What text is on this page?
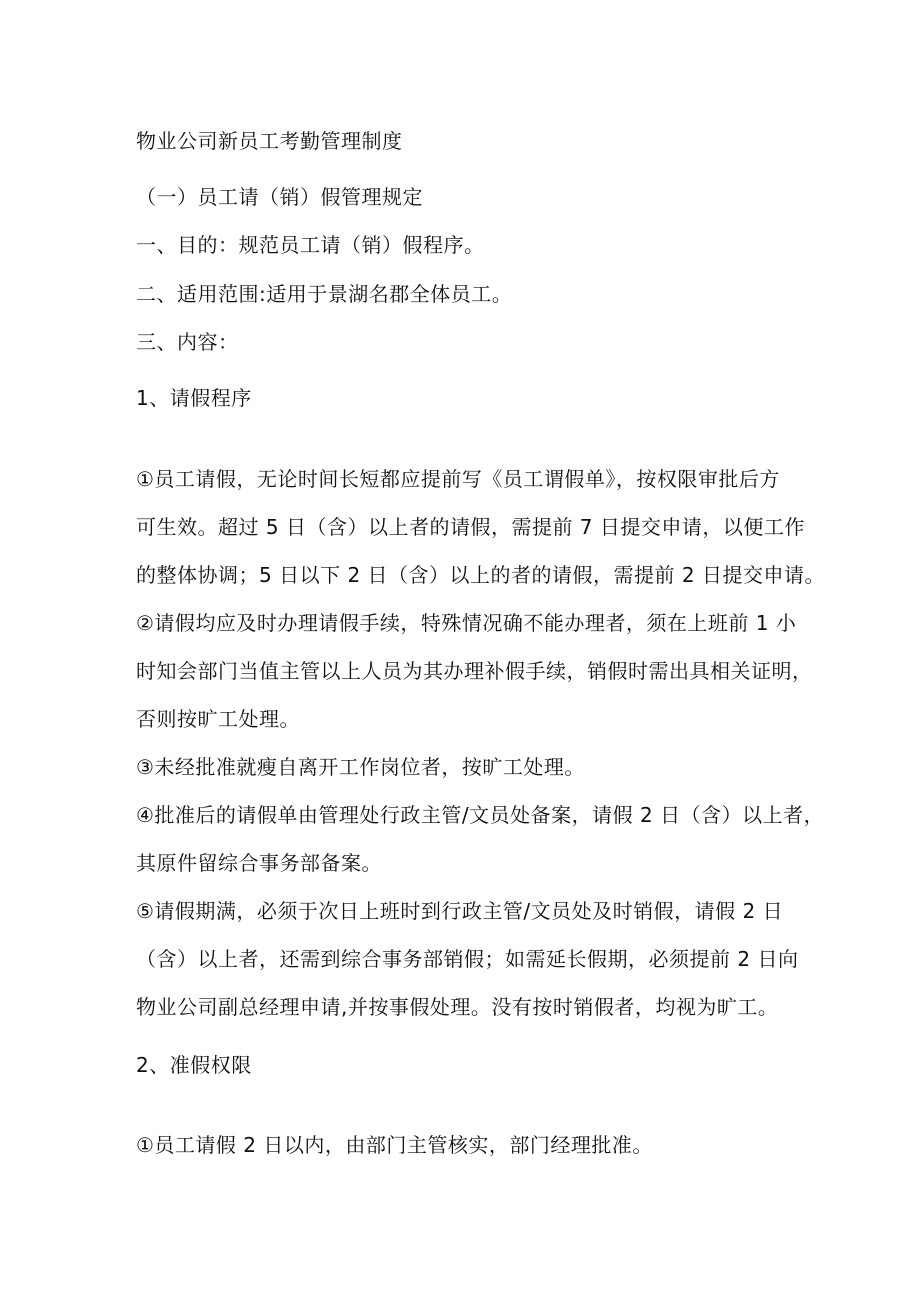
物业公司新员工考勤管理制度
（一）员工请（销）假管理规定
一、目的：规范员工请（销）假程序。
二、适用范围:适用于景湖名郡全体员工。
三、内容：
1、请假程序
①员工请假，无论时间长短都应提前写《员工谓假单》，按权限审批后方
可生效。超过 5 日（含）以上者的请假，需提前 7 日提交申请，以便工作
的整体协调；5 日以下 2 日（含）以上的者的请假，需提前 2 日提交申请。
②请假均应及时办理请假手续，特殊情况确不能办理者，须在上班前 1 小
时知会部门当值主管以上人员为其办理补假手续，销假时需出具相关证明，
否则按旷工处理。
③未经批准就瘦自离开工作岗位者，按旷工处理。
④批准后的请假单由管理处行政主管/文员处备案，请假 2 日（含）以上者，
其原件留综合事务部备案。
⑤请假期满，必须于次日上班时到行政主管/文员处及时销假，请假 2 日
（含）以上者，还需到综合事务部销假；如需延长假期，必须提前 2 日向
物业公司副总经理申请,并按事假处理。没有按时销假者，均视为旷工。
2、准假权限
①员工请假 2 日以内，由部门主管核实，部门经理批准。
